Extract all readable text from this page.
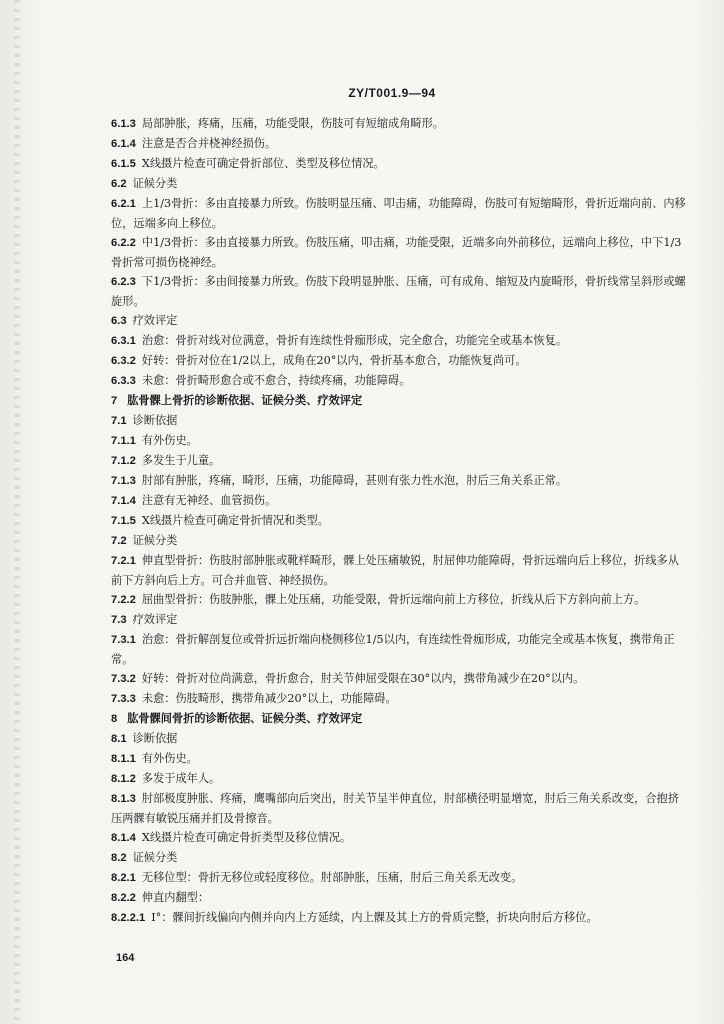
ZY/T001.9—94
6.1.3 局部肿胀，疼痛，压痛，功能受限，伤肢可有短缩成角畸形。
6.1.4 注意是否合并桡神经损伤。
6.1.5 X线摄片检查可确定骨折部位、类型及移位情况。
6.2 证候分类
6.2.1 上1/3骨折：多由直接暴力所致。伤肢明显压痛、叩击痛，功能障碍，伤肢可有短缩畸形，骨折近端向前、内移位，远端多向上移位。
6.2.2 中1/3骨折：多由直接暴力所致。伤肢压痛，叩击痛，功能受限，近端多向外前移位，远端向上移位，中下1/3骨折常可损伤桡神经。
6.2.3 下1/3骨折：多由间接暴力所致。伤肢下段明显肿胀、压痛，可有成角、缩短及内旋畸形，骨折线常呈斜形或螺旋形。
6.3 疗效评定
6.3.1 治愈：骨折对线对位满意，骨折有连续性骨痂形成，完全愈合，功能完全或基本恢复。
6.3.2 好转：骨折对位在1/2以上，成角在20°以内，骨折基本愈合，功能恢复尚可。
6.3.3 未愈：骨折畸形愈合或不愈合，持续疼痛，功能障碍。
7 肱骨髁上骨折的诊断依据、证候分类、疗效评定
7.1 诊断依据
7.1.1 有外伤史。
7.1.2 多发生于儿童。
7.1.3 肘部有肿胀，疼痛，畸形，压痛，功能障碍，甚则有张力性水泡，肘后三角关系正常。
7.1.4 注意有无神经、血管损伤。
7.1.5 X线摄片检查可确定骨折情况和类型。
7.2 证候分类
7.2.1 伸直型骨折：伤肢肘部肿胀或靴样畸形，髁上处压痛敏锐，肘屈伸功能障碍，骨折远端向后上移位，折线多从前下方斜向后上方。可合并血管、神经损伤。
7.2.2 屈曲型骨折：伤肢肿胀，髁上处压痛，功能受限，骨折远端向前上方移位，折线从后下方斜向前上方。
7.3 疗效评定
7.3.1 治愈：骨折解剖复位或骨折远折端向桡侧移位1/5以内，有连续性骨痂形成，功能完全或基本恢复，携带角正常。
7.3.2 好转：骨折对位尚满意，骨折愈合，肘关节伸屈受限在30°以内，携带角减少在20°以内。
7.3.3 未愈：伤肢畸形，携带角减少20°以上，功能障碍。
8 肱骨髁间骨折的诊断依据、证候分类、疗效评定
8.1 诊断依据
8.1.1 有外伤史。
8.1.2 多发于成年人。
8.1.3 肘部极度肿胀、疼痛，鹰嘴部向后突出，肘关节呈半伸直位，肘部横径明显增宽，肘后三角关系改变，合抱挤压两髁有敏锐压痛并扪及骨擦音。
8.1.4 X线摄片检查可确定骨折类型及移位情况。
8.2 证候分类
8.2.1 无移位型：骨折无移位或轻度移位。肘部肿胀，压痛，肘后三角关系无改变。
8.2.2 伸直内翻型：
8.2.2.1 Ⅰ°：髁间折线偏向内侧并向内上方延续，内上髁及其上方的骨质完整，折块向肘后方移位。
164
